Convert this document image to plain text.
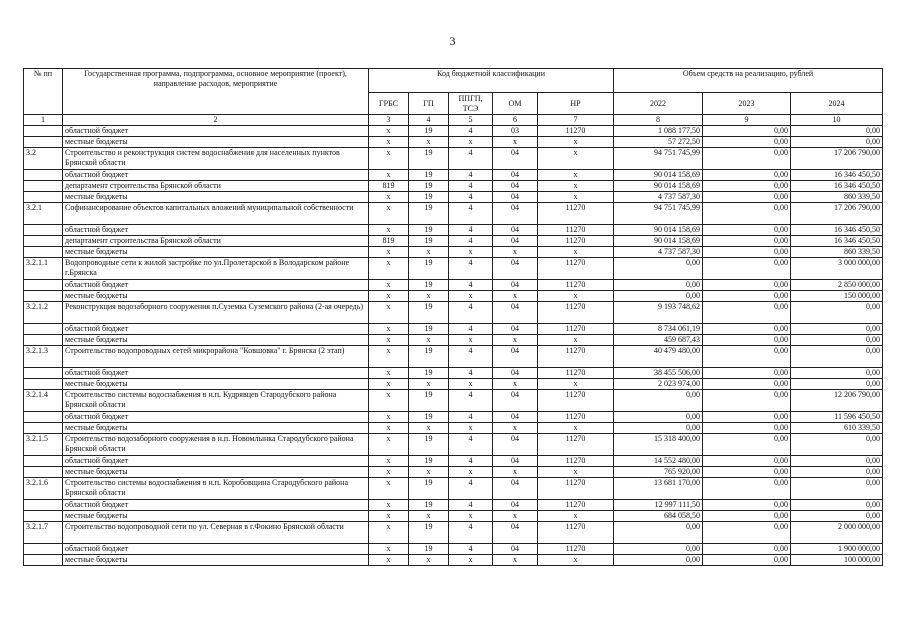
3
№ пп	Государственная программа, подпрограмма, основное мероприятие (проект), направление расходов, мероприятие	Код бюджетной классификации					Объем средств на реализацию, рублей		
		ГРБС	ГП	ППГП, ТСЭ	ОМ	НР	2022	2023	2024
1	2	3	4	5	6	7	8	9	10
	областной бюджет	х	19	4	03	11270	1 088 177,50	0,00	0,00
	местные бюджеты	х	х	х	х	х	57 272,50	0,00	0,00
3.2	Строительство и реконструкция систем водоснабжения для населенных пунктов Брянской области	х	19	4	04	х	94 751 745,99	0,00	17 206 790,00
	областной бюджет	х	19	4	04	х	90 014 158,69	0,00	16 346 450,50
	департамент строительства Брянской области	819	19	4	04	х	90 014 158,69	0,00	16 346 450,50
	местные бюджеты	х	19	4	04	х	4 737 587,30	0,00	860 339,50
3.2.1	Софинансирование объектов капитальных вложений муниципальной собственности	х	19	4	04	11270	94 751 745,99	0,00	17 206 790,00
	областной бюджет	х	19	4	04	11270	90 014 158,69	0,00	16 346 450,50
	департамент строительства Брянской области	819	19	4	04	11270	90 014 158,69	0,00	16 346 450,50
	местные бюджеты	х	х	х	х	х	4 737 587,30	0,00	860 339,50
3.2.1.1	Водопроводные сети к жилой застройке по ул.Пролетарской в Володарском районе г.Брянска	х	19	4	04	11270	0,00	0,00	3 000 000,00
	областной бюджет	х	19	4	04	11270	0,00	0,00	2 850 000,00
	местные бюджеты	х	х	х	х	х	0,00	0,00	150 000,00
3.2.1.2	Реконструкция водозаборного сооружения п.Суземка Суземского района (2-ая очередь)	х	19	4	04	11270	9 193 748,62	0,00	0,00
	областной бюджет	х	19	4	04	11270	8 734 061,19	0,00	0,00
	местные бюджеты	х	х	х	х	х	459 687,43	0,00	0,00
3.2.1.3	Строительство водопроводных сетей микрорайона "Ковшовка" г. Брянска (2 этап)	х	19	4	04	11270	40 479 480,00	0,00	0,00
	областной бюджет	х	19	4	04	11270	38 455 506,00	0,00	0,00
	местные бюджеты	х	х	х	х	х	2 023 974,00	0,00	0,00
3.2.1.4	Строительство системы водоснабжения в н.п. Кудрявцев Стародубского района Брянской области	х	19	4	04	11270	0,00	0,00	12 206 790,00
	областной бюджет	х	19	4	04	11270	0,00	0,00	11 596 450,50
	местные бюджеты	х	х	х	х	х	0,00	0,00	610 339,50
3.2.1.5	Строительство водозаборного сооружения в н.п. Новомлынка Стародубского района Брянской области	х	19	4	04	11270	15 318 400,00	0,00	0,00
	областной бюджет	х	19	4	04	11270	14 552 480,00	0,00	0,00
	местные бюджеты	х	х	х	х	х	765 920,00	0,00	0,00
3.2.1.6	Строительство системы водоснабжения в н.п. Коробовщина Стародубского района Брянской области	х	19	4	04	11270	13 681 170,00	0,00	0,00
	областной бюджет	х	19	4	04	11270	12 997 111,50	0,00	0,00
	местные бюджеты	х	х	х	х	х	684 058,50	0,00	0,00
3.2.1.7	Строительство водопроводной сети по ул. Северная в г.Фокино Брянской области	х	19	4	04	11270	0,00	0,00	2 000 000,00
	областной бюджет	х	19	4	04	11270	0,00	0,00	1 900 000,00
	местные бюджеты	х	х	х	х	х	0,00	0,00	100 000,00
